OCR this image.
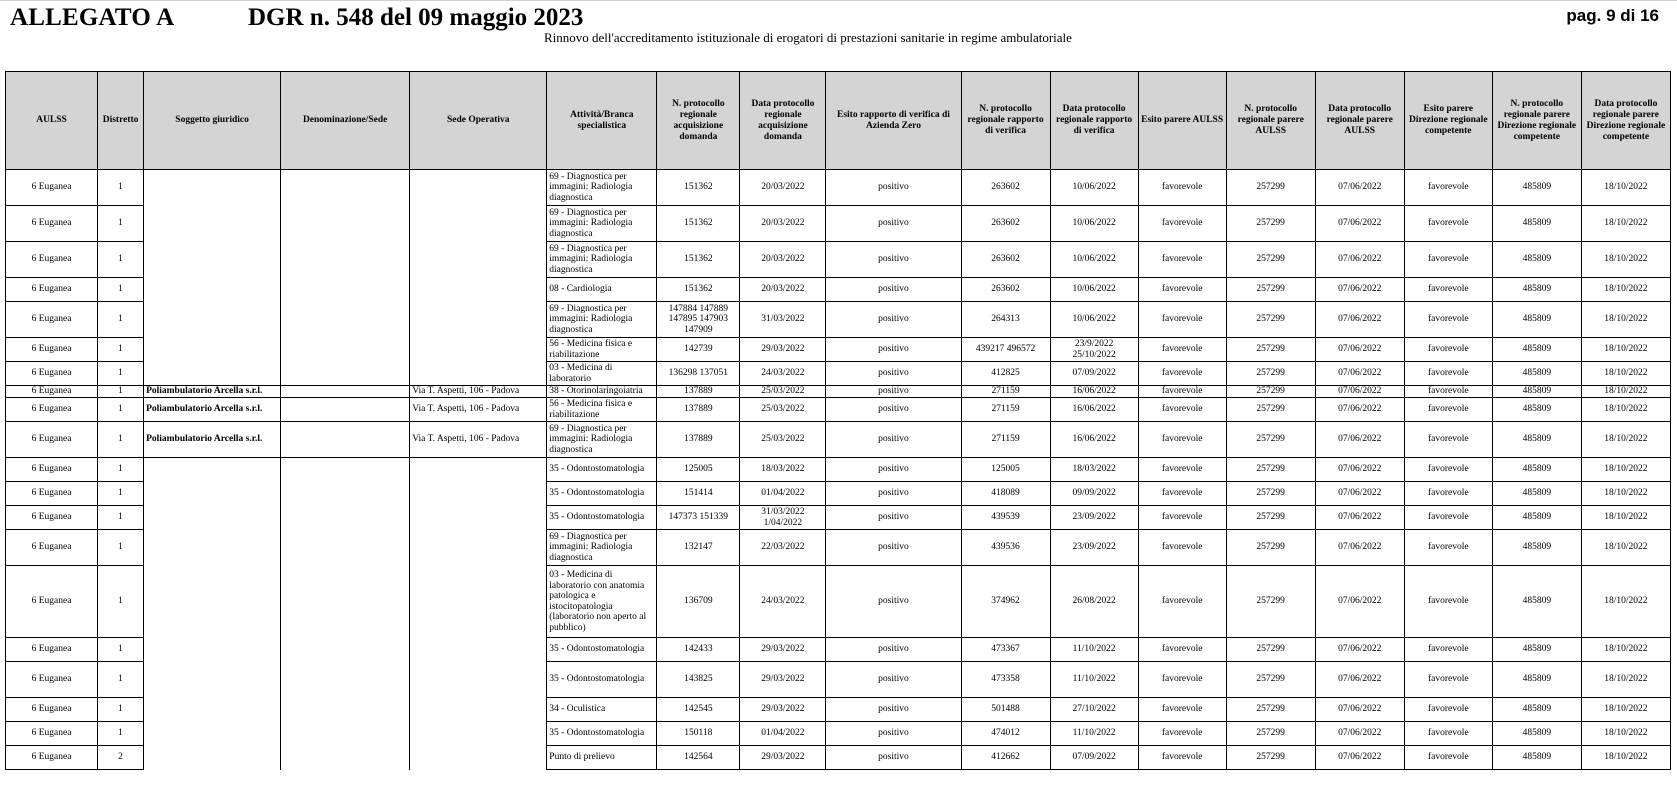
ALLEGATO A	DGR n. 548 del 09 maggio 2023
Rinnovo dell'accreditamento istituzionale di erogatori di prestazioni sanitarie in regime ambulatoriale
pag. 9 di 16
AULSS	Distretto	Soggetto giuridico	Denominazione/Sede	Sede Operativa	Attività/Branca specialistica	N. protocollo regionale acquisizione domanda	Data protocollo regionale acquisizione domanda	Esito rapporto di verifica di Azienda Zero	N. protocollo regionale rapporto di verifica	Data protocollo regionale rapporto di verifica	Esito parere AULSS	N. protocollo regionale parere AULSS	Data protocollo regionale parere AULSS	Esito parere Direzione regionale competente	N. protocollo regionale parere Direzione regionale competente	Data protocollo regionale parere Direzione regionale competente
6 Euganea	1				69 - Diagnostica per immagini: Radiologia diagnostica	151362	20/03/2022	positivo	263602	10/06/2022	favorevole	257299	07/06/2022	favorevole	485809	18/10/2022
6 Euganea	1				69 - Diagnostica per immagini: Radiologia diagnostica	151362	20/03/2022	positivo	263602	10/06/2022	favorevole	257299	07/06/2022	favorevole	485809	18/10/2022
6 Euganea	1				69 - Diagnostica per immagini: Radiologia diagnostica	151362	20/03/2022	positivo	263602	10/06/2022	favorevole	257299	07/06/2022	favorevole	485809	18/10/2022
6 Euganea	1				08 - Cardiologia	151362	20/03/2022	positivo	263602	10/06/2022	favorevole	257299	07/06/2022	favorevole	485809	18/10/2022
6 Euganea	1				69 - Diagnostica per immagini: Radiologia diagnostica	147884 147889 147895 147903 147909	31/03/2022	positivo	264313	10/06/2022	favorevole	257299	07/06/2022	favorevole	485809	18/10/2022
6 Euganea	1				56 - Medicina fisica e riabilitazione	142739	29/03/2022	positivo	439217 496572	23/9/2022 25/10/2022	favorevole	257299	07/06/2022	favorevole	485809	18/10/2022
6 Euganea	1				03 - Medicina di laboratorio	136298 137051	24/03/2022	positivo	412825	07/09/2022	favorevole	257299	07/06/2022	favorevole	485809	18/10/2022
6 Euganea	1	Poliambulatorio Arcella s.r.l.		Via T. Aspetti, 106 - Padova	38 - Otorinolaringoiatria	137889	25/03/2022	positivo	271159	16/06/2022	favorevole	257299	07/06/2022	favorevole	485809	18/10/2022
6 Euganea	1	Poliambulatorio Arcella s.r.l.		Via T. Aspetti, 106 - Padova	56 - Medicina fisica e riabilitazione	137889	25/03/2022	positivo	271159	16/06/2022	favorevole	257299	07/06/2022	favorevole	485809	18/10/2022
6 Euganea	1	Poliambulatorio Arcella s.r.l.		Via T. Aspetti, 106 - Padova	69 - Diagnostica per immagini: Radiologia diagnostica	137889	25/03/2022	positivo	271159	16/06/2022	favorevole	257299	07/06/2022	favorevole	485809	18/10/2022
6 Euganea	1				35 - Odontostomatologia	125005	18/03/2022	positivo	125005	18/03/2022	favorevole	257299	07/06/2022	favorevole	485809	18/10/2022
6 Euganea	1				35 - Odontostomatologia	151414	01/04/2022	positivo	418089	09/09/2022	favorevole	257299	07/06/2022	favorevole	485809	18/10/2022
6 Euganea	1				35 - Odontostomatologia	147373 151339	31/03/2022 1/04/2022	positivo	439539	23/09/2022	favorevole	257299	07/06/2022	favorevole	485809	18/10/2022
6 Euganea	1				69 - Diagnostica per immagini: Radiologia diagnostica	132147	22/03/2022	positivo	439536	23/09/2022	favorevole	257299	07/06/2022	favorevole	485809	18/10/2022
6 Euganea	1				03 - Medicina di laboratorio con anatomia patologica e istocitopatologia (laboratorio non aperto al pubblico)	136709	24/03/2022	positivo	374962	26/08/2022	favorevole	257299	07/06/2022	favorevole	485809	18/10/2022
6 Euganea	1				35 - Odontostomatologia	142433	29/03/2022	positivo	473367	11/10/2022	favorevole	257299	07/06/2022	favorevole	485809	18/10/2022
6 Euganea	1				35 - Odontostomatologia	143825	29/03/2022	positivo	473358	11/10/2022	favorevole	257299	07/06/2022	favorevole	485809	18/10/2022
6 Euganea	1				34 - Oculistica	142545	29/03/2022	positivo	501488	27/10/2022	favorevole	257299	07/06/2022	favorevole	485809	18/10/2022
6 Euganea	1				35 - Odontostomatologia	150118	01/04/2022	positivo	474012	11/10/2022	favorevole	257299	07/06/2022	favorevole	485809	18/10/2022
6 Euganea	2				Punto di prelievo	142564	29/03/2022	positivo	412662	07/09/2022	favorevole	257299	07/06/2022	favorevole	485809	18/10/2022
